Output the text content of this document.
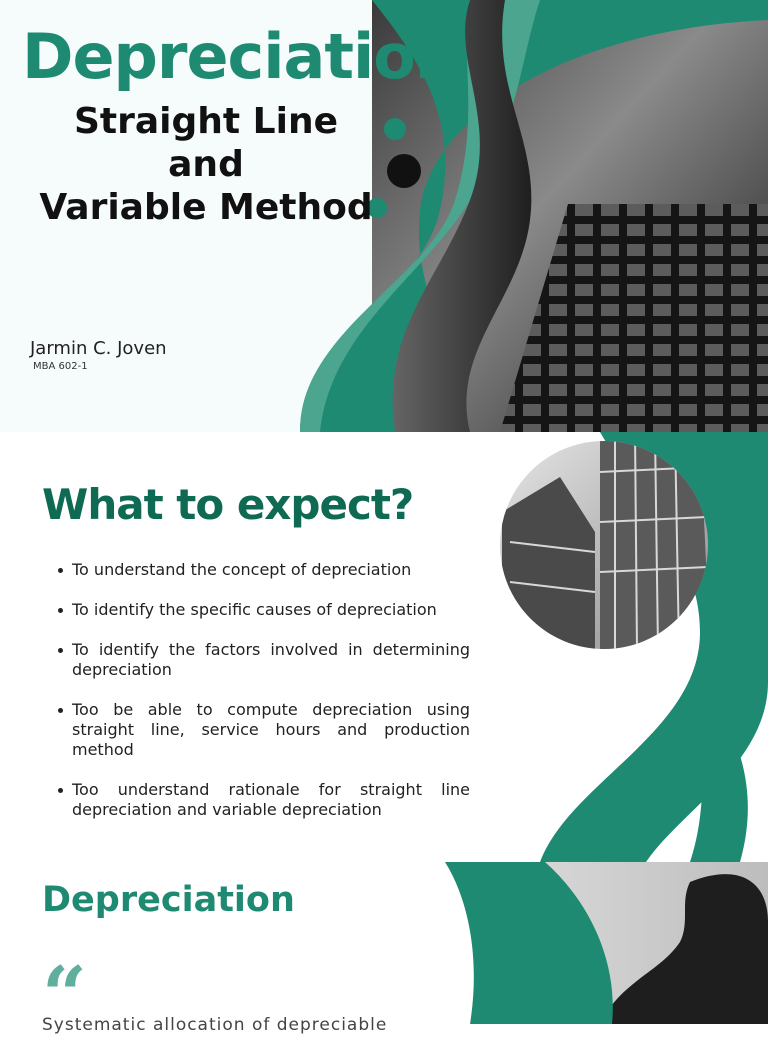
Depreciation
Straight Line
and
Variable Method
Jarmin C. Joven
MBA 602-1
What to expect?
To understand the concept of depreciation
To identify the specific causes of depreciation
To identify the factors involved in determining depreciation
Too be able to compute depreciation using straight line, service hours and production method
Too understand rationale for straight line depreciation and variable depreciation
Depreciation
“
Systematic allocation of depreciable
